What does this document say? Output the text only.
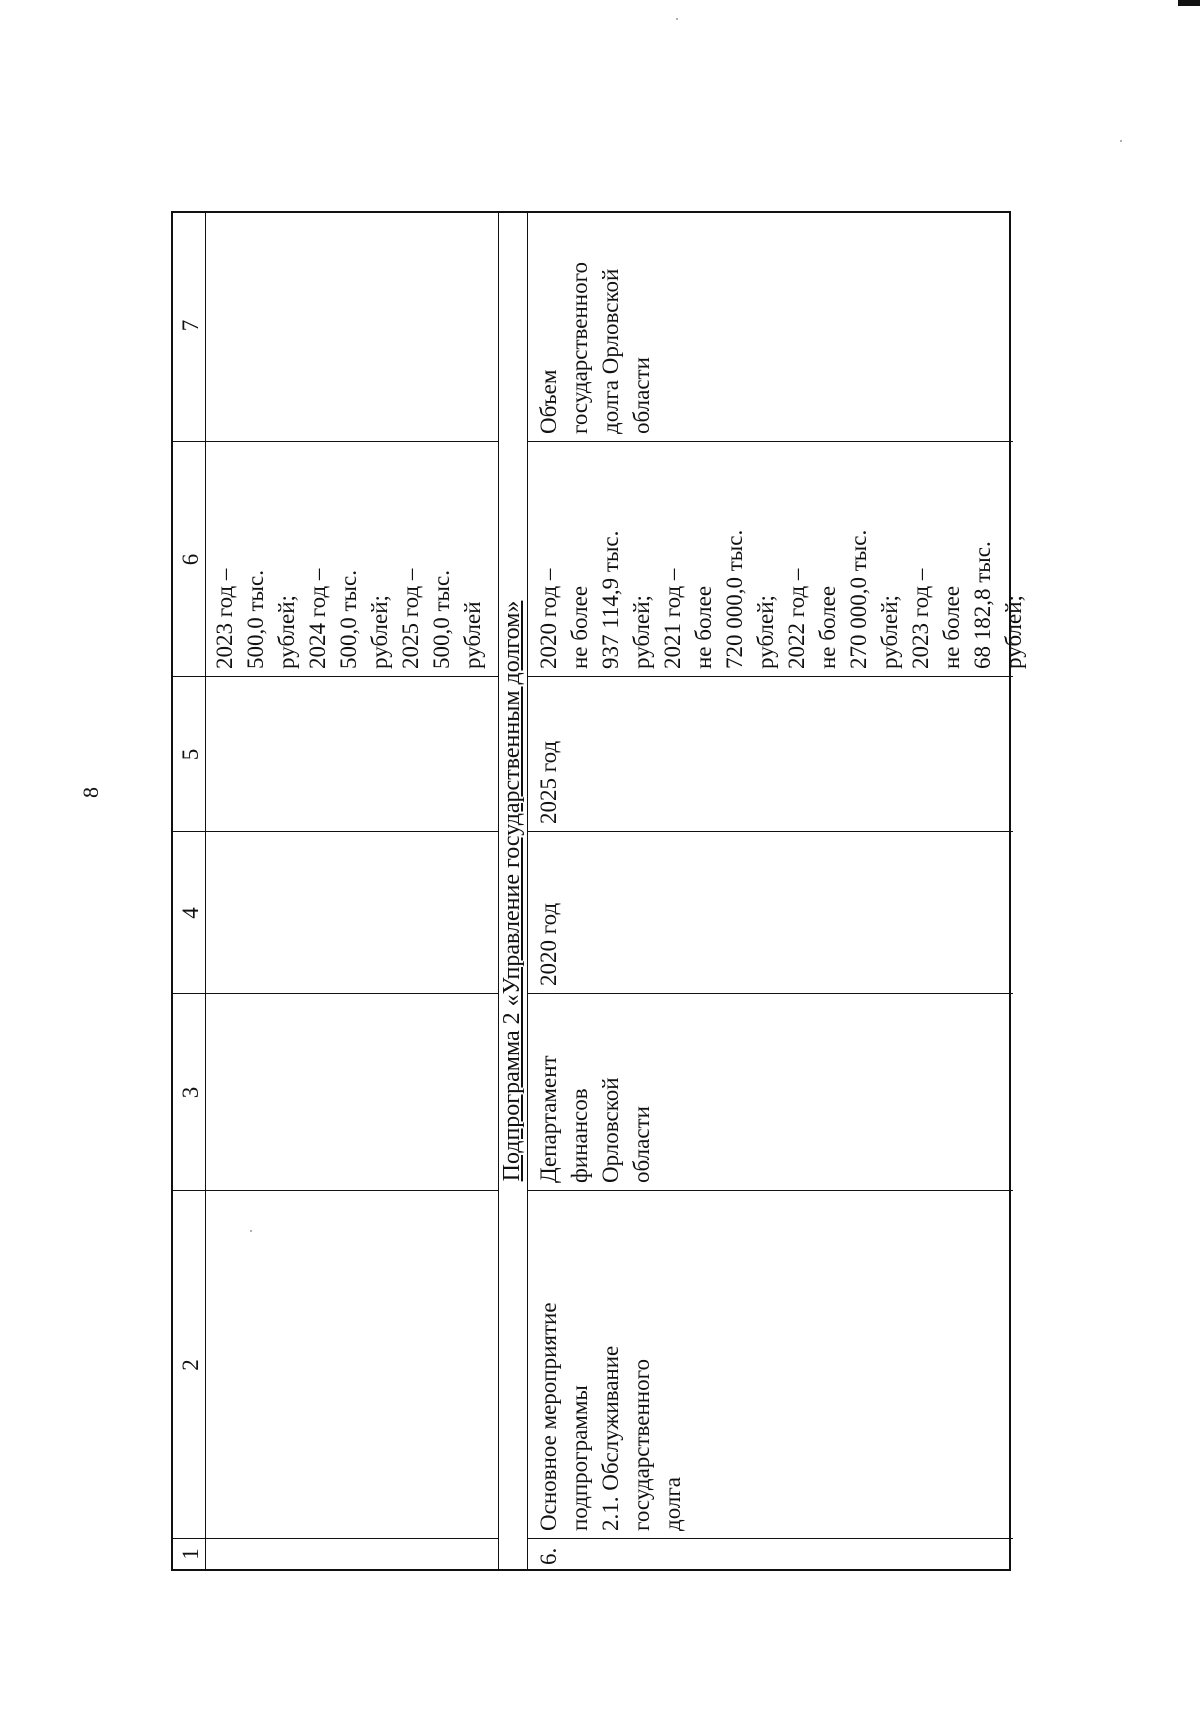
8
1
2
3
4
5
6
7
2023 год –
500,0 тыс.
рублей;
2024 год –
500,0 тыс.
рублей;
2025 год –
500,0 тыс.
рублей Подпрограмма 2 «Управление государственным долгом»
6.
Основное мероприятие
подпрограммы
2.1. Обслуживание
государственного
долга
Департамент
финансов
Орловской
области
2020 год
2025 год
2020 год –
не более
937 114,9 тыс.
рублей;
2021 год –
не более
720 000,0 тыс.
рублей;
2022 год –
не более
270 000,0 тыс.
рублей;
2023 год –
не более
68 182,8 тыс.
рублей;
Объем государственного
долга Орловской области
